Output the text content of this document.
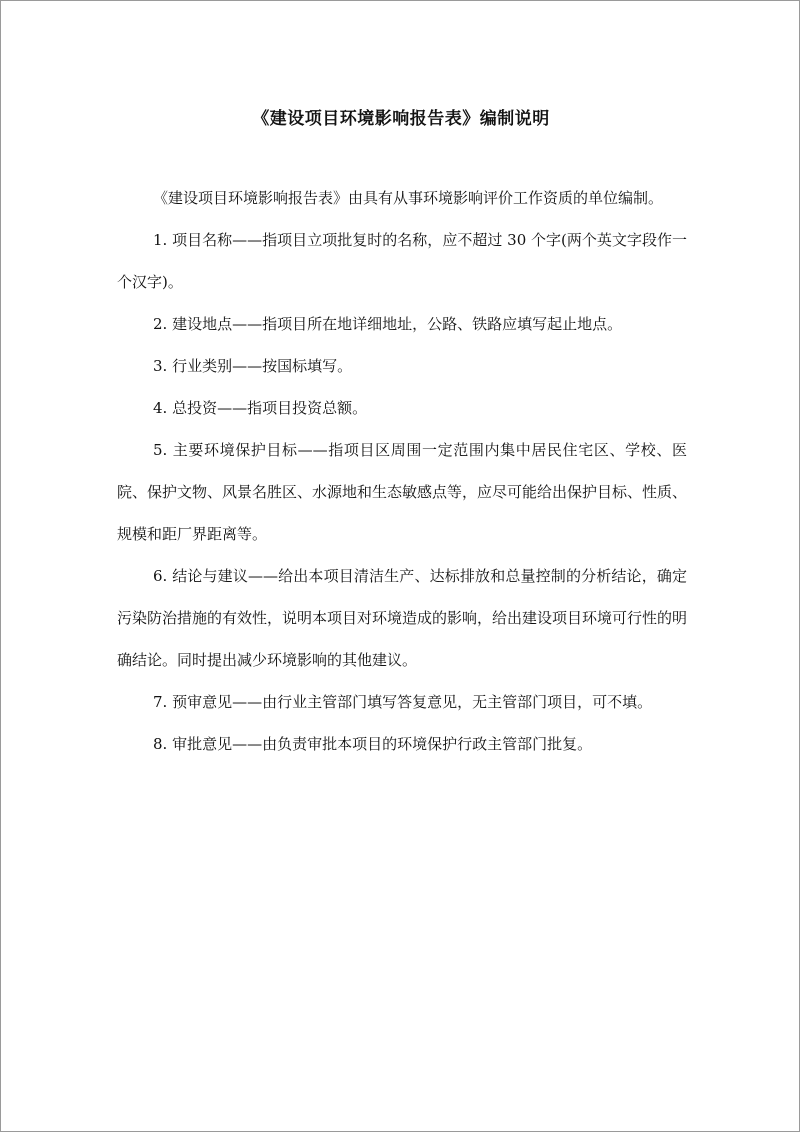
《建设项目环境影响报告表》编制说明

《建设项目环境影响报告表》由具有从事环境影响评价工作资质的单位编制。

1. 项目名称——指项目立项批复时的名称，应不超过 30 个字(两个英文字段作一个汉字)。

2. 建设地点——指项目所在地详细地址，公路、铁路应填写起止地点。

3. 行业类别——按国标填写。

4. 总投资——指项目投资总额。

5. 主要环境保护目标——指项目区周围一定范围内集中居民住宅区、学校、医院、保护文物、风景名胜区、水源地和生态敏感点等，应尽可能给出保护目标、性质、规模和距厂界距离等。

6. 结论与建议——给出本项目清洁生产、达标排放和总量控制的分析结论，确定污染防治措施的有效性，说明本项目对环境造成的影响，给出建设项目环境可行性的明确结论。同时提出减少环境影响的其他建议。

7. 预审意见——由行业主管部门填写答复意见，无主管部门项目，可不填。

8. 审批意见——由负责审批本项目的环境保护行政主管部门批复。
